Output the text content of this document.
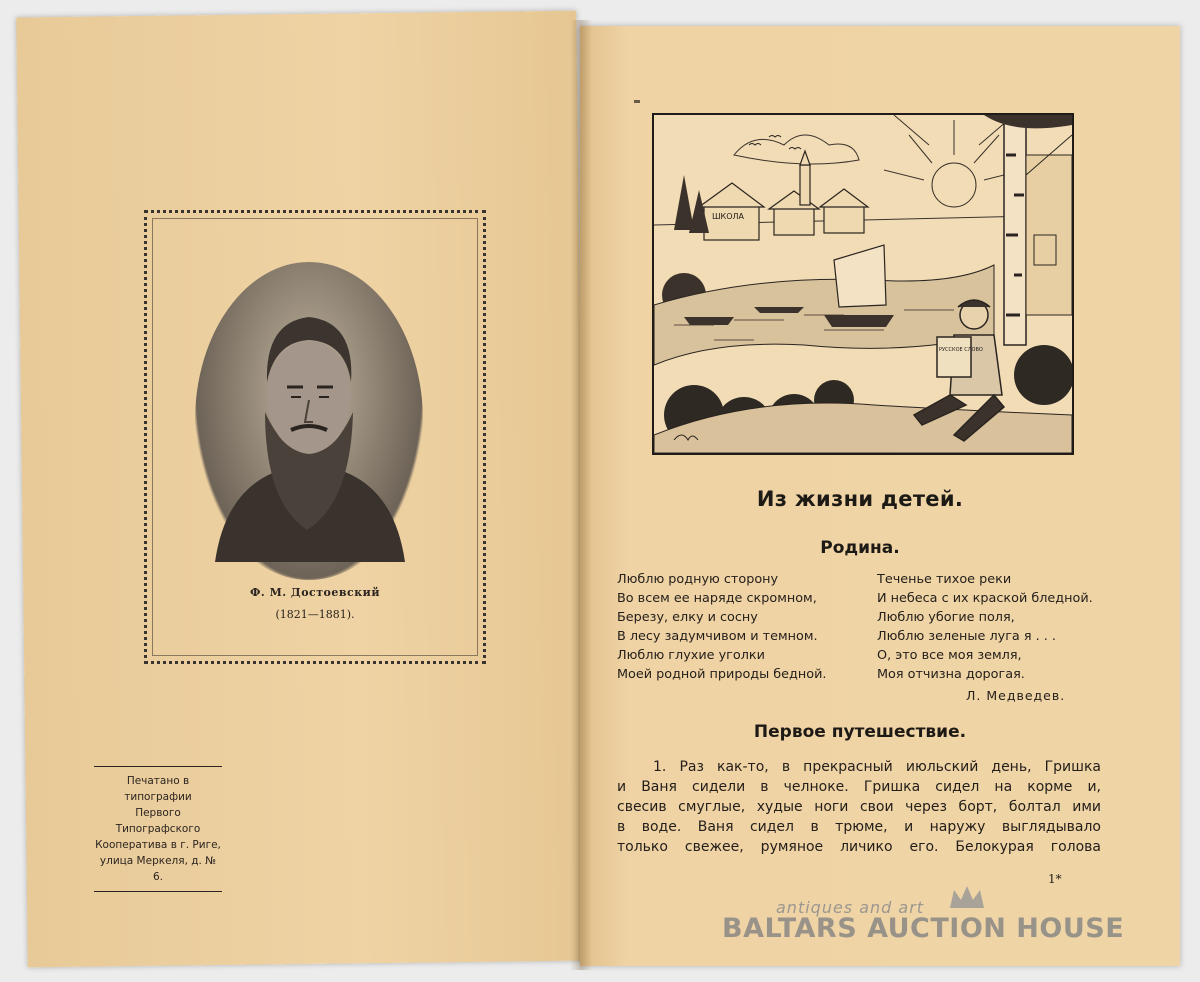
Ф. М. Достоевский
(1821—1881).
Печатано в типографии
Первого Типографского
Кооператива в г. Риге,
улица Меркеля, д. № 6.
ШКОЛА
РУССКОЕ СЛОВО
Из жизни детей.
Родина.
Люблю родную сторону
Во всем ее наряде скромном,
Березу, елку и сосну
В лесу задумчивом и темном.
Люблю глухие уголки
Моей родной природы бедной.
Теченье тихое реки
И небеса с их краской бледной.
Люблю убогие поля,
Люблю зеленые луга я . . .
О, это все моя земля,
Моя отчизна дорогая.
Л. Медведев.
Первое путешествие.
1. Раз как-то, в прекрасный июльский день, Гришка
и Ваня сидели в челноке. Гришка сидел на корме и,
свесив смуглые, худые ноги свои через борт, болтал ими
в воде. Ваня сидел в трюме, и наружу выглядывало
только свежее, румяное личико его. Белокурая голова
1*
antiques and art
BALTARS AUCTION HOUSE
